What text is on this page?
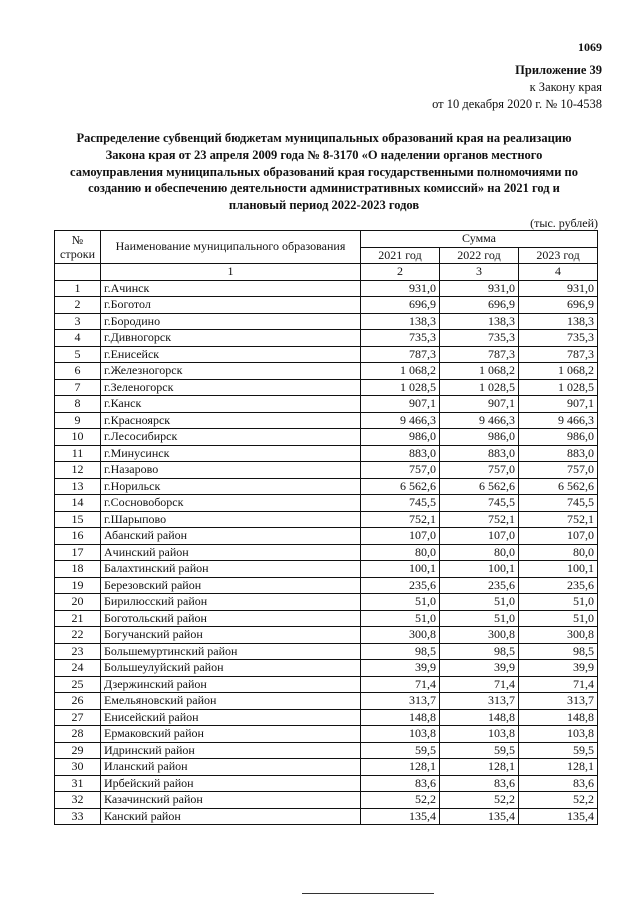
1069
Приложение 39
к Закону края
от 10 декабря 2020 г. № 10-4538
Распределение субвенций бюджетам муниципальных образований края на реализацию
Закона края от 23 апреля 2009 года № 8-3170 «О наделении органов местного
самоуправления муниципальных образований края государственными полномочиями по
созданию и обеспечению деятельности административных комиссий» на 2021 год и
плановый период 2022-2023 годов
(тыс. рублей)
№
строки	Наименование муниципального образования	Сумма		
		2021 год	2022 год	2023 год
	1	2	3	4
1	г.Ачинск	931,0	931,0	931,0
2	г.Боготол	696,9	696,9	696,9
3	г.Бородино	138,3	138,3	138,3
4	г.Дивногорск	735,3	735,3	735,3
5	г.Енисейск	787,3	787,3	787,3
6	г.Железногорск	1 068,2	1 068,2	1 068,2
7	г.Зеленогорск	1 028,5	1 028,5	1 028,5
8	г.Канск	907,1	907,1	907,1
9	г.Красноярск	9 466,3	9 466,3	9 466,3
10	г.Лесосибирск	986,0	986,0	986,0
11	г.Минусинск	883,0	883,0	883,0
12	г.Назарово	757,0	757,0	757,0
13	г.Норильск	6 562,6	6 562,6	6 562,6
14	г.Сосновоборск	745,5	745,5	745,5
15	г.Шарыпово	752,1	752,1	752,1
16	Абанский район	107,0	107,0	107,0
17	Ачинский район	80,0	80,0	80,0
18	Балахтинский район	100,1	100,1	100,1
19	Березовский район	235,6	235,6	235,6
20	Бирилюсский район	51,0	51,0	51,0
21	Боготольский район	51,0	51,0	51,0
22	Богучанский район	300,8	300,8	300,8
23	Большемуртинский район	98,5	98,5	98,5
24	Большеулуйский район	39,9	39,9	39,9
25	Дзержинский район	71,4	71,4	71,4
26	Емельяновский район	313,7	313,7	313,7
27	Енисейский район	148,8	148,8	148,8
28	Ермаковский район	103,8	103,8	103,8
29	Идринский район	59,5	59,5	59,5
30	Иланский район	128,1	128,1	128,1
31	Ирбейский район	83,6	83,6	83,6
32	Казачинский район	52,2	52,2	52,2
33	Канский район	135,4	135,4	135,4
